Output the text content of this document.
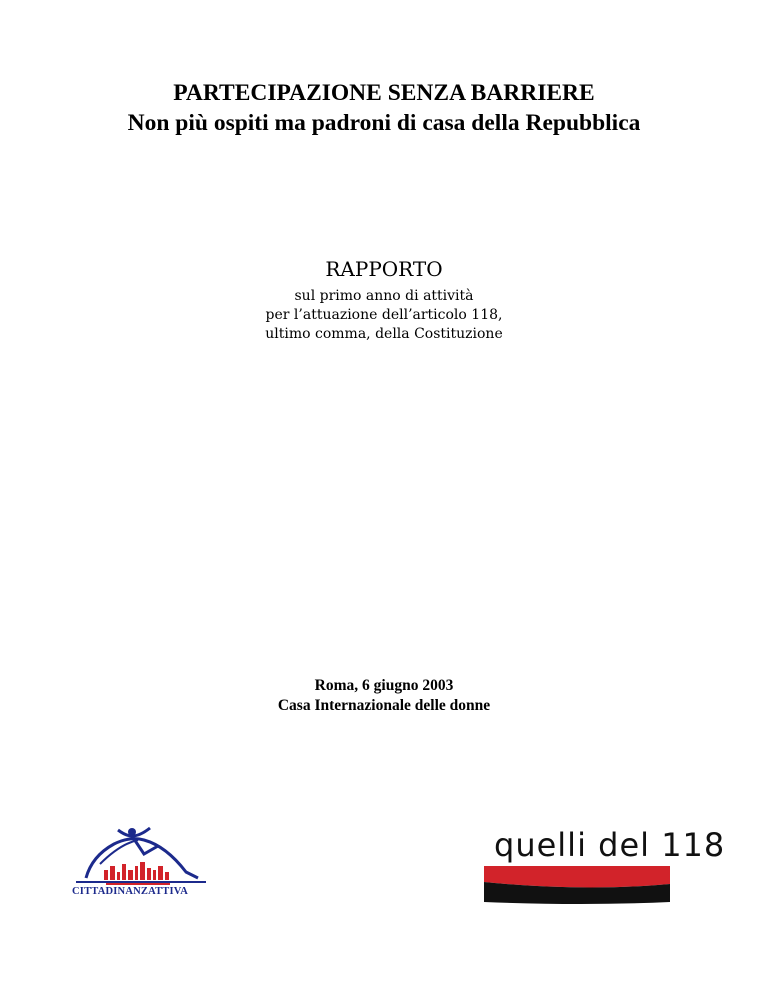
PARTECIPAZIONE SENZA BARRIERE
Non più ospiti ma padroni di casa della Repubblica
RAPPORTO
sul primo anno di attività
per l’attuazione dell’articolo 118,
ultimo comma, della Costituzione
Roma, 6 giugno 2003
Casa Internazionale delle donne
CITTADINANZATTIVA
quelli del 118
